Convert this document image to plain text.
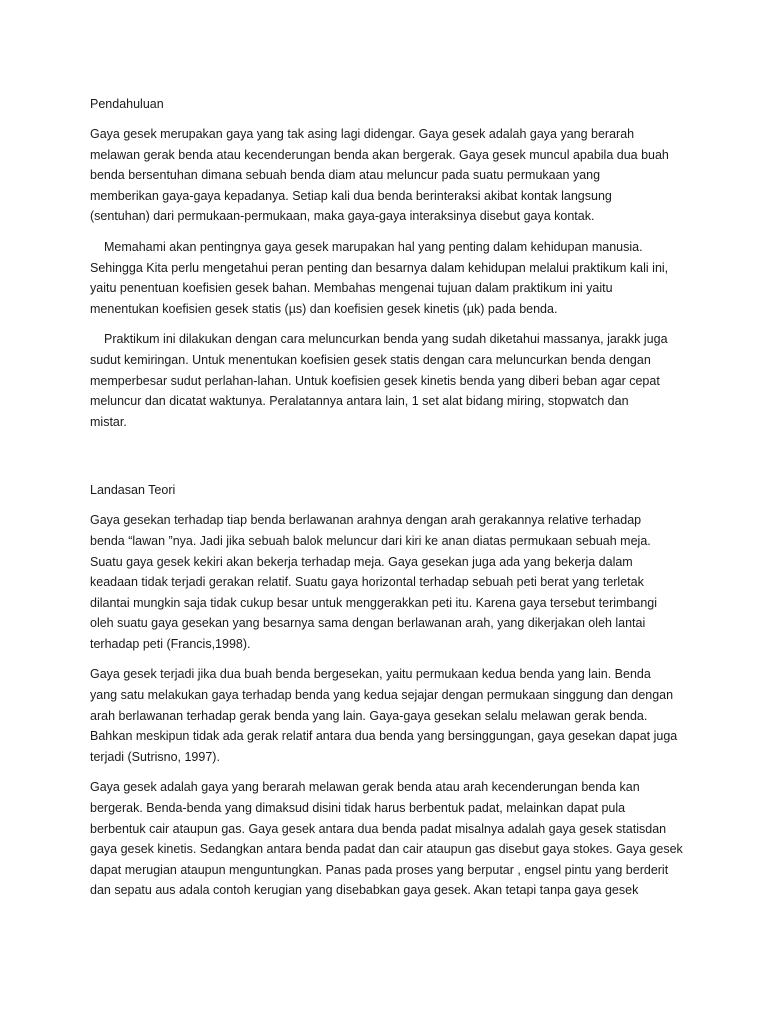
Pendahuluan
Gaya gesek merupakan gaya yang tak asing lagi didengar. Gaya gesek adalah gaya yang berarah
melawan gerak benda atau kecenderungan benda akan bergerak. Gaya gesek muncul apabila dua buah
benda bersentuhan dimana sebuah benda diam atau meluncur pada suatu permukaan yang
memberikan gaya-gaya kepadanya. Setiap kali dua benda berinteraksi akibat kontak langsung
(sentuhan) dari permukaan-permukaan, maka gaya-gaya interaksinya disebut gaya kontak.
Memahami akan pentingnya gaya gesek marupakan hal yang penting dalam kehidupan manusia.
Sehingga Kita perlu mengetahui peran penting dan besarnya dalam kehidupan melalui praktikum kali ini,
yaitu penentuan koefisien gesek bahan. Membahas mengenai tujuan dalam praktikum ini yaitu
menentukan koefisien gesek statis (µs) dan koefisien gesek kinetis (µk) pada benda.
Praktikum ini dilakukan dengan cara meluncurkan benda yang sudah diketahui massanya, jarakk juga
sudut kemiringan. Untuk menentukan koefisien gesek statis dengan cara meluncurkan benda dengan
memperbesar sudut perlahan-lahan. Untuk koefisien gesek kinetis benda yang diberi beban agar cepat
meluncur dan dicatat waktunya. Peralatannya antara lain, 1 set alat bidang miring, stopwatch dan
mistar.
Landasan Teori
Gaya gesekan terhadap tiap benda berlawanan arahnya dengan arah gerakannya relative terhadap
benda “lawan ”nya. Jadi jika sebuah balok meluncur dari kiri ke anan diatas permukaan sebuah meja.
Suatu gaya gesek kekiri akan bekerja terhadap meja. Gaya gesekan juga ada yang bekerja dalam
keadaan tidak terjadi gerakan relatif. Suatu gaya horizontal terhadap sebuah peti berat yang terletak
dilantai mungkin saja tidak cukup besar untuk menggerakkan peti itu. Karena gaya tersebut terimbangi
oleh suatu gaya gesekan yang besarnya sama dengan berlawanan arah, yang dikerjakan oleh lantai
terhadap peti (Francis,1998).
Gaya gesek terjadi jika dua buah benda bergesekan, yaitu permukaan kedua benda yang lain. Benda
yang satu melakukan gaya terhadap benda yang kedua sejajar dengan permukaan singgung dan dengan
arah berlawanan terhadap gerak benda yang lain. Gaya-gaya gesekan selalu melawan gerak benda.
Bahkan meskipun tidak ada gerak relatif antara dua benda yang bersinggungan, gaya gesekan dapat juga
terjadi (Sutrisno, 1997).
Gaya gesek adalah gaya yang berarah melawan gerak benda atau arah kecenderungan benda kan
bergerak. Benda-benda yang dimaksud disini tidak harus berbentuk padat, melainkan dapat pula
berbentuk cair ataupun gas. Gaya gesek antara dua benda padat misalnya adalah gaya gesek statisdan
gaya gesek kinetis. Sedangkan antara benda padat dan cair ataupun gas disebut gaya stokes. Gaya gesek
dapat merugian ataupun menguntungkan. Panas pada proses yang berputar , engsel pintu yang berderit
dan sepatu aus adala contoh kerugian yang disebabkan gaya gesek. Akan tetapi tanpa gaya gesek
